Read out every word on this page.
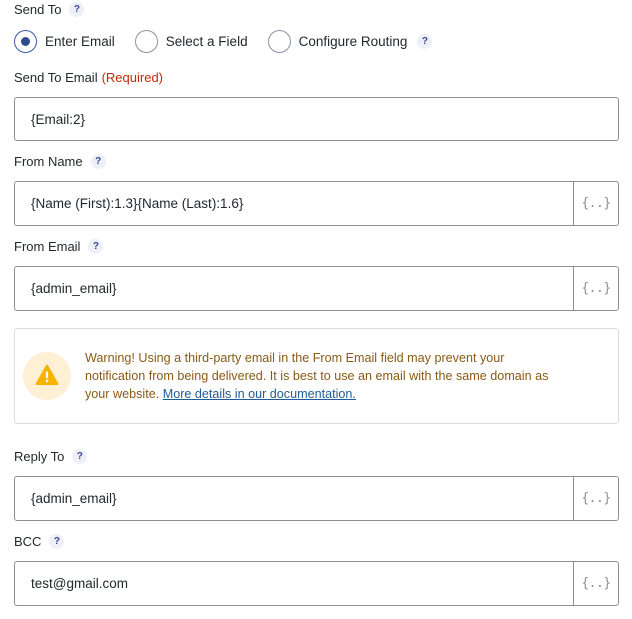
Send To	?
Enter Email	Select a Field	Configure Routing	?
Send To Email (Required)
{Email:2}
From Name	?
{Name (First):1.3}{Name (Last):1.6}	{..}
From Email	?
{admin_email}	{..}

Warning! Using a third-party email in the From Email field may prevent your notification from being delivered. It is best to use an email with the same domain as your website. More details in our documentation.

Reply To	?
{admin_email}	{..}
BCC	?
test@gmail.com	{..}
